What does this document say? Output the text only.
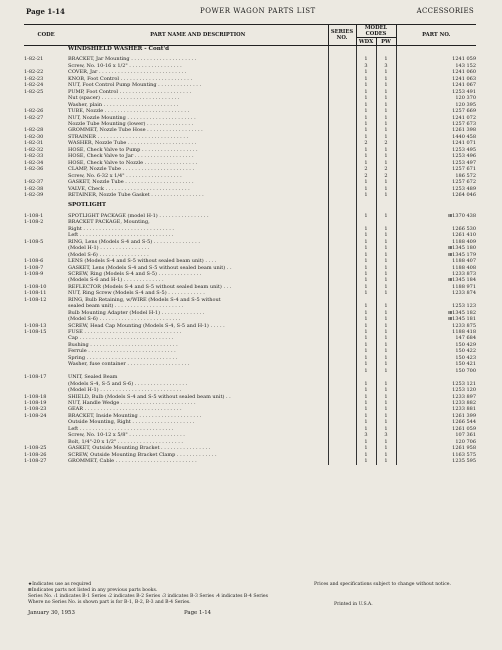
Page 1-14	POWER WAGON PARTS LIST	ACCESSORIES
CODE	PART NAME AND DESCRIPTION	SERIES NO.	MODEL CODES		PART NO.
			WDX	PW	
	WINDSHIELD WASHER - Cont'd				

1-82-21	BRACKET, Jar Mounting . . . . . . . . . . . . . . . . . . . . .		1	1	1241 059
	Screw, No. 10-16 x 1/2" . . . . . . . . . . . . . . . . .		3	3	143 152
1-82-22	COVER, Jar . . . . . . . . . . . . . . . . . . . . . . . . . . . .		1	1	1241 060
1-82-23	KNOB, Foot Control . . . . . . . . . . . . . . . . . . . . . . .		1	1	1241 063
1-82-24	NUT, Foot Control Pump Mounting . . . . . . . . . . . . . .		1	1	1241 067
1-82-25	PUMP, Foot Control . . . . . . . . . . . . . . . . . . . . . . .		1	1	1253 491
	Nut (spacer) . . . . . . . . . . . . . . . . . . . . . . . . .		1	1	120 370
	Washer, plain . . . . . . . . . . . . . . . . . . . . . . . .		1	1	120 395
1-82-26	TUBE, Nozzle . . . . . . . . . . . . . . . . . . . . . . . . . . .		1	1	1257 669
1-82-27	NUT, Nozzle Mounting . . . . . . . . . . . . . . . . . . . . . .		1	1	1241 072
	Nozzle Tube Mounting (lower) . . . . . . . . . . . . . . .		1	1	1257 673
1-82-28	GROMMET, Nozzle Tube Hose . . . . . . . . . . . . . . . . . .		1	1	1261 398
1-82-30	STRAINER . . . . . . . . . . . . . . . . . . . . . . . . . . . . .		1	1	1440 458
1-82-31	WASHER, Nozzle Tube . . . . . . . . . . . . . . . . . . . . . .		2	2	1241 071
1-82-32	HOSE, Check Valve to Pump . . . . . . . . . . . . . . . . . .		1	1	1253 495
1-82-33	HOSE, Check Valve to Jar . . . . . . . . . . . . . . . . . . .		1	1	1253 496
1-82-34	HOSE, Check Valve to Nozzle . . . . . . . . . . . . . . . . .		1	1	1253 497
1-82-36	CLAMP, Nozzle Tube . . . . . . . . . . . . . . . . . . . . . . .		2	2	1257 671
	Screw, No. 6-32 x 1/4" . . . . . . . . . . . . . . . . . .		2	2	186 572
1-82-37	GASKET, Nozzle Tube . . . . . . . . . . . . . . . . . . . . . .		1	1	1257 672
1-82-38	VALVE, Check . . . . . . . . . . . . . . . . . . . . . . . . . . .		1	1	1253 489
1-82-39	RETAINER, Nozzle Tube Gasket . . . . . . . . . . . . . . . . .		1	1	1264 046

	SPOTLIGHT				

1-108-1	SPOTLIGHT PACKAGE (model H-1) . . . . . . . . . . . . . . . .		1	1	⊞1370 438
1-108-2	BRACKET PACKAGE, Mounting,				
	Right . . . . . . . . . . . . . . . . . . . . . . . . . . . . .		1	1	1266 530
	Left . . . . . . . . . . . . . . . . . . . . . . . . . . . . . .		1	1	1261 410
1-108-5	RING, Lens (Models S-4 and S-5) . . . . . . . . . . . . . . .		1	1	1188 409
	(Model H-1) . . . . . . . . . . . . . . . .		1	1	⊞1345 180
	(Model S-6) . . . . . . . . . . . . . . . .		1	1	⊞1345 179
1-108-6	LENS (Models S-4 and S-5 without sealed beam unit) . . . .		1	1	1188 407
1-108-7	GASKET, Lens (Models S-4 and S-5 without sealed beam unit) . .		1	1	1188 408
1-108-9	SCREW, Ring (Models S-4 and S-5) . . . . . . . . . . . . . .		1	1	1233 873
	(Models S-6 and H-1) . . . . . . . . . . . . .		1	1	⊞1345 184
1-108-10	REFLECTOR (Models S-4 and S-5 without sealed beam unit) . . .		1	1	1188 971
1-108-11	NUT, Ring Screw (Models S-4 and S-5) . . . . . . . . . . . .		1	1	1233 874
1-108-12	RING, Bulb Retaining, w/WIRE (Models S-4 and S-5 without				
	sealed beam unit) . . . . . . . . . . . . . . . . . . . . . .		1	1	1253 123
	Bulb Mounting Adapter (Model H-1) . . . . . . . . . . . . . .		1	1	⊞1345 182
	(Model S-6) . . . . . . . . . . . . . . . . . . . . . . . . . .		1	1	⊞1345 181
1-108-13	SCREW, Head Cap Mounting (Models S-4, S-5 and H-1) . . . . .		1	1	1233 875
1-108-15	FUSE . . . . . . . . . . . . . . . . . . . . . . . . . . . . . . .		1	1	1188 418
	Cap . . . . . . . . . . . . . . . . . . . . . . . . . . . . . .		1	1	147 684
	Bushing . . . . . . . . . . . . . . . . . . . . . . . . . . . .		1	1	150 429
	Ferrule . . . . . . . . . . . . . . . . . . . . . . . . . . . .		1	1	150 422
	Spring . . . . . . . . . . . . . . . . . . . . . . . . . . . . .		1	1	150 423
	Washer, fuse container . . . . . . . . . . . . . . . . . . . .		1	1	150 421
			1	1	150 700
1-108-17	UNIT, Sealed Beam				
	(Models S-4, S-5 and S-6) . . . . . . . . . . . . . . . . .		1	1	1253 121
	(Model H-1) . . . . . . . . . . . . . . . . . . . . . . . . . .		1	1	1253 120
1-108-18	SHIELD, Bulb (Models S-4 and S-5 without sealed beam unit) . .		1	1	1233 897
1-108-19	NUT, Handle Wedge . . . . . . . . . . . . . . . . . . . . . . . .		1	1	1233 882
1-108-23	GEAR . . . . . . . . . . . . . . . . . . . . . . . . . . . . . . .		1	1	1233 881
1-108-24	BRACKET, Inside Mounting . . . . . . . . . . . . . . . . . . . .		1	1	1261 399
	Outside Mounting, Right . . . . . . . . . . . . . . . . . . . .		1	1	1266 544
	Left . . . . . . . . . . . . . . . . . . . . . . . . . . . . . .		1	1	1261 059
	Screw, No. 10-12 x 5/8" . . . . . . . . . . . . . . . . . .		3	3	107 361
	Bolt, 1/4"-20 x 1/2" . . . . . . . . . . . . . . . . . . . . .		1	1	120 706
1-108-25	GASKET, Outside Mounting Bracket . . . . . . . . . . . . . . . .		1	1	1261 958
1-108-26	SCREW, Outside Mounting Bracket Clamp . . . . . . . . . . . . .		1	1	1163 575
1-108-27	GROMMET, Cable . . . . . . . . . . . . . . . . . . . . . . . . . .		1	1	1235 595
★Indicates use as required
⊞Indicates parts not listed in any previous parts books.
Series No. :1 indicates B-1 Series :2 indicates B-2 Series :3 indicates B-3 Series :4 indicates B-4 Series
Where no Series No. is shown part is for B-1, B-2, B-3 and B-4 Series.
Prices and specifications subject to change without notice.
Printed in U.S.A.
January 30, 1953	Page 1-14
